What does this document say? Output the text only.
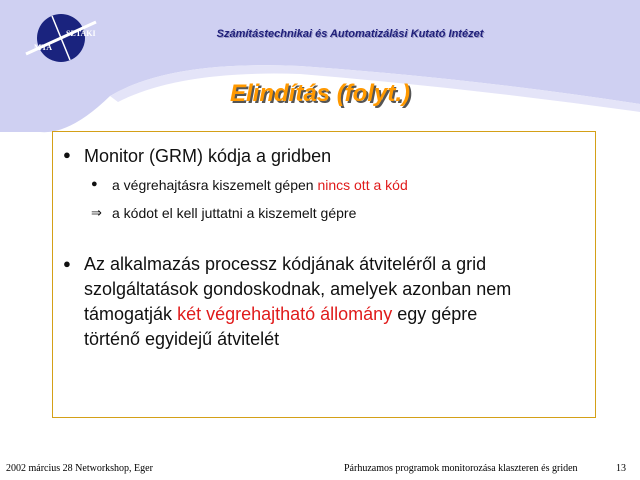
MTA
SZTAKI	Számítástechnikai és Automatizálási Kutató Intézet
Elindítás (folyt.)
● Monitor (GRM) kódja a gridben
● a végrehajtásra kiszemelt gépen nincs ott a kód
⇒ a kódot el kell juttatni a kiszemelt gépre
● Az alkalmazás processz kódjának átviteléről a grid
szolgáltatások gondoskodnak, amelyek azonban nem
támogatják két végrehajtható állomány egy gépre
történő egyidejű átvitelét
2002 március 28 Networkshop, Eger	Párhuzamos programok monitorozása klaszteren és griden	13
